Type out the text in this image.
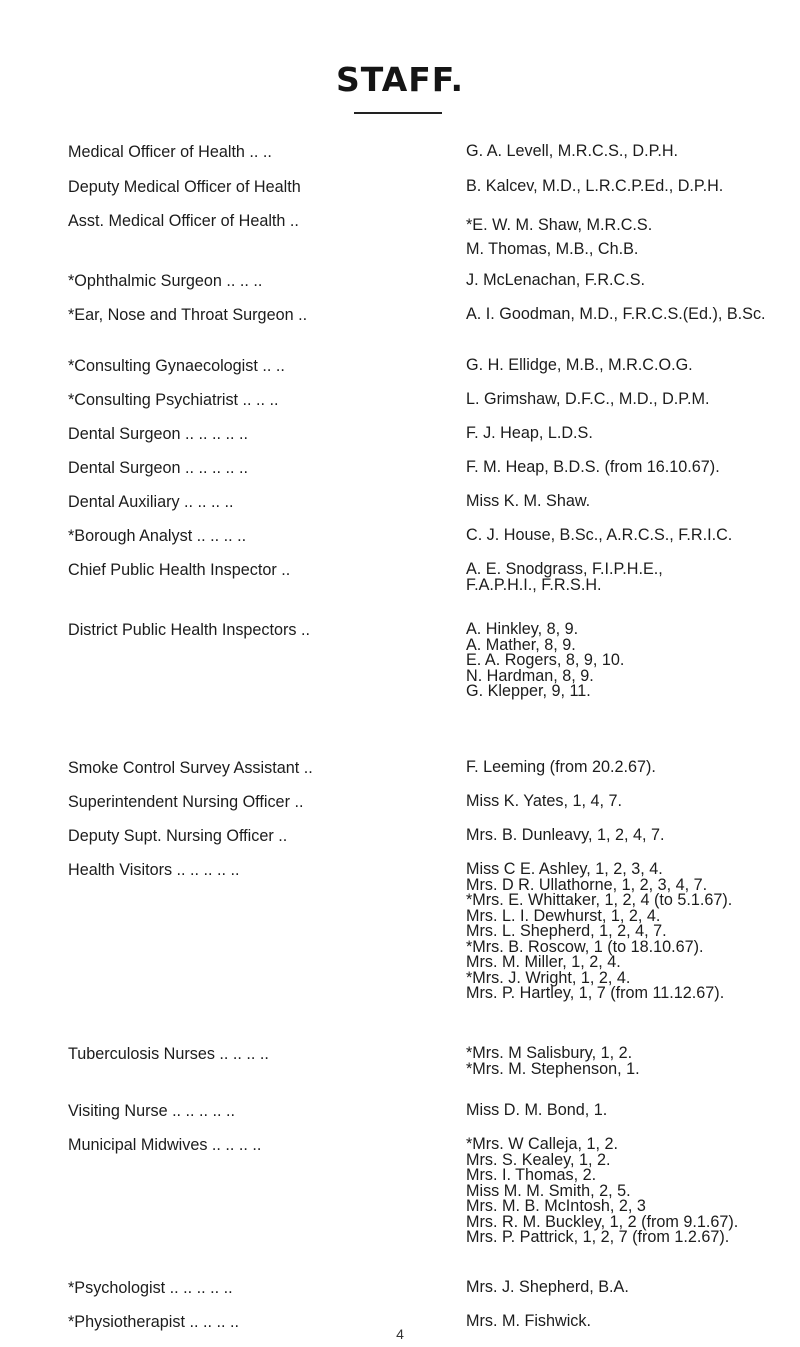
STAFF.
Medical Officer of Health .. ..	G. A. Levell, M.R.C.S., D.P.H.
Deputy Medical Officer of Health	B. Kalcev, M.D., L.R.C.P.Ed., D.P.H.
Asst. Medical Officer of Health ..	*E. W. M. Shaw, M.R.C.S.
M. Thomas, M.B., Ch.B.
*Ophthalmic Surgeon .. .. ..	J. McLenachan, F.R.C.S.
*Ear, Nose and Throat Surgeon ..	A. I. Goodman, M.D., F.R.C.S.(Ed.), B.Sc.
*Consulting Gynaecologist .. ..	G. H. Ellidge, M.B., M.R.C.O.G.
*Consulting Psychiatrist .. .. ..	L. Grimshaw, D.F.C., M.D., D.P.M.
Dental Surgeon .. .. .. .. ..	F. J. Heap, L.D.S.
Dental Surgeon .. .. .. .. ..	F. M. Heap, B.D.S. (from 16.10.67).
Dental Auxiliary .. .. .. ..	Miss K. M. Shaw.
*Borough Analyst .. .. .. ..	C. J. House, B.Sc., A.R.C.S., F.R.I.C.
Chief Public Health Inspector ..	A. E. Snodgrass, F.I.P.H.E., F.A.P.H.I., F.R.S.H.
District Public Health Inspectors ..	A. Hinkley, 8, 9.
A. Mather, 8, 9.
E. A. Rogers, 8, 9, 10.
N. Hardman, 8, 9.
G. Klepper, 9, 11.
Smoke Control Survey Assistant ..	F. Leeming (from 20.2.67).
Superintendent Nursing Officer ..	Miss K. Yates, 1, 4, 7.
Deputy Supt. Nursing Officer ..	Mrs. B. Dunleavy, 1, 2, 4, 7.
Health Visitors .. .. .. .. ..	Miss C E. Ashley, 1, 2, 3, 4.
Mrs. D R. Ullathorne, 1, 2, 3, 4, 7.
*Mrs. E. Whittaker, 1, 2, 4 (to 5.1.67).
Mrs. L. I. Dewhurst, 1, 2, 4.
Mrs. L. Shepherd, 1, 2, 4, 7.
*Mrs. B. Roscow, 1 (to 18.10.67).
Mrs. M. Miller, 1, 2, 4.
*Mrs. J. Wright, 1, 2, 4.
Mrs. P. Hartley, 1, 7 (from 11.12.67).
Tuberculosis Nurses .. .. .. ..	*Mrs. M Salisbury, 1, 2.
*Mrs. M. Stephenson, 1.
Visiting Nurse .. .. .. .. ..	Miss D. M. Bond, 1.
Municipal Midwives .. .. .. ..	*Mrs. W Calleja, 1, 2.
Mrs. S. Kealey, 1, 2.
Mrs. I. Thomas, 2.
Miss M. M. Smith, 2, 5.
Mrs. M. B. McIntosh, 2, 3
Mrs. R. M. Buckley, 1, 2 (from 9.1.67).
Mrs. P. Pattrick, 1, 2, 7 (from 1.2.67).
*Psychologist .. .. .. .. ..	Mrs. J. Shepherd, B.A.
*Physiotherapist .. .. .. ..	Mrs. M. Fishwick.
4
